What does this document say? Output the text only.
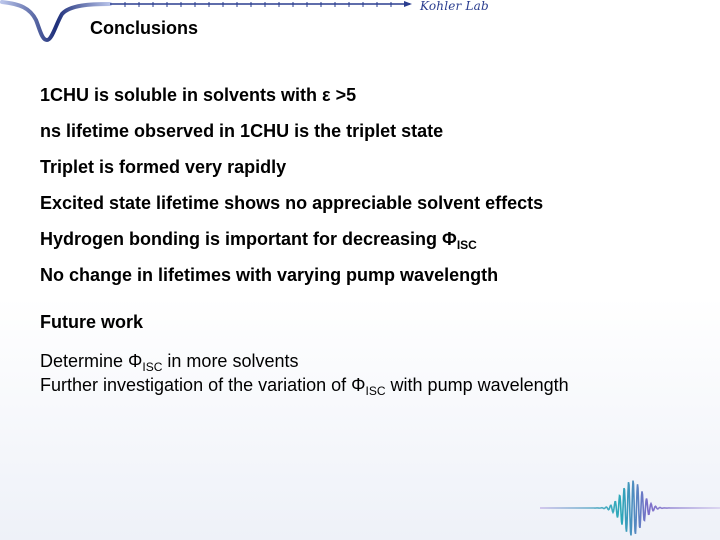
Kohler Lab
Conclusions
1CHU is soluble in solvents with ε >5
ns lifetime observed in 1CHU is the triplet state
Triplet is formed very rapidly
Excited state lifetime shows no appreciable solvent effects
Hydrogen bonding is important for decreasing $\Phi_{ISC}$
No change in lifetimes with varying pump wavelength
Future work
Determine $\Phi_{ISC}$ in more solvents
Further investigation of the variation of $\Phi_{ISC}$ with pump wavelength
